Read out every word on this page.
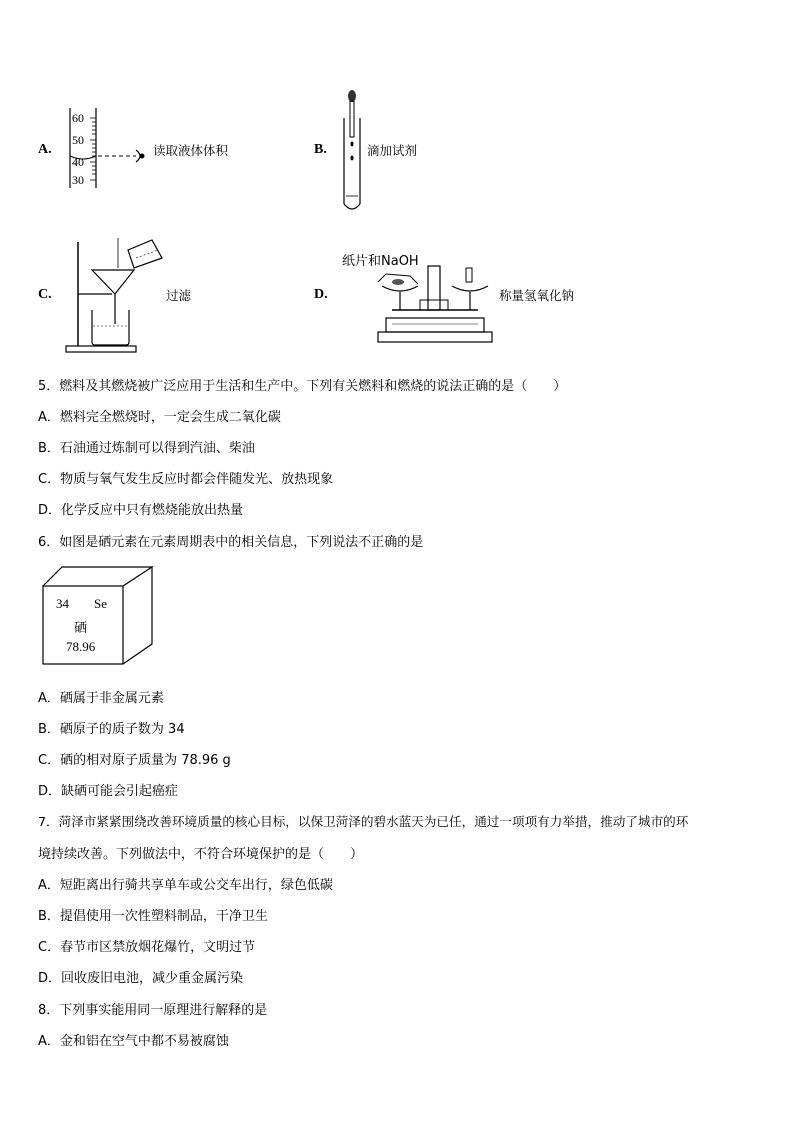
A.
60
50
40
30
读取液体体积	B.	滴加试剂
C.	过滤	D.
纸片和NaOH
称量氢氧化钠
5．燃料及其燃烧被广泛应用于生活和生产中。下列有关燃料和燃烧的说法正确的是（　　）
A．燃料完全燃烧时，一定会生成二氧化碳
B．石油通过炼制可以得到汽油、柴油
C．物质与氧气发生反应时都会伴随发光、放热现象
D．化学反应中只有燃烧能放出热量
6．如图是硒元素在元素周期表中的相关信息，下列说法不正确的是
34 Se
硒
78.96
A．硒属于非金属元素
B．硒原子的质子数为 34
C．硒的相对原子质量为 78.96 g
D．缺硒可能会引起癌症
7．菏泽市紧紧围绕改善环境质量的核心目标，以保卫菏泽的碧水蓝天为已任，通过一项项有力举措，推动了城市的环
境持续改善。下列做法中，不符合环境保护的是（　　）
A．短距离出行骑共享单车或公交车出行，绿色低碳
B．提倡使用一次性塑料制品，干净卫生
C．春节市区禁放烟花爆竹，文明过节
D．回收废旧电池，减少重金属污染
8．下列事实能用同一原理进行解释的是
A．金和铝在空气中都不易被腐蚀
